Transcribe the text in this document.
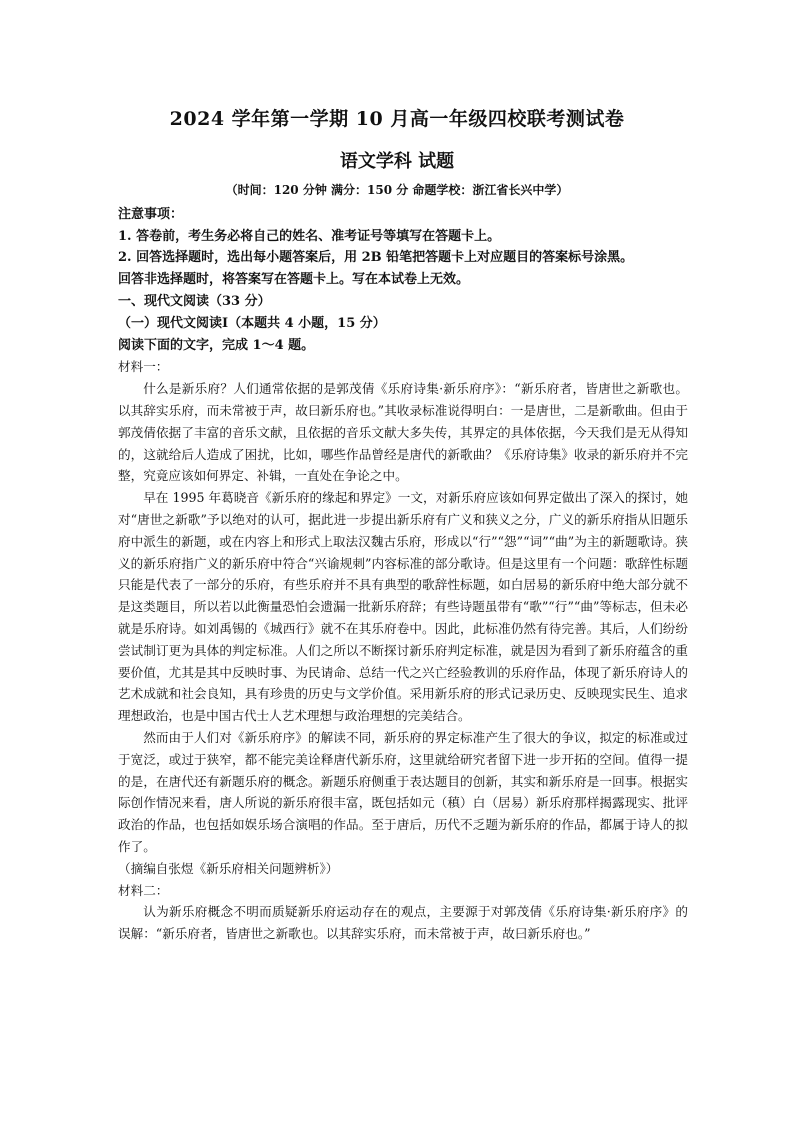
2024 学年第一学期 10 月高一年级四校联考测试卷
语文学科 试题
（时间：120 分钟 满分：150 分 命题学校：浙江省长兴中学）
注意事项：
1. 答卷前，考生务必将自己的姓名、准考证号等填写在答题卡上。
2. 回答选择题时，选出每小题答案后，用 2B 铅笔把答题卡上对应题目的答案标号涂黑。
回答非选择题时，将答案写在答题卡上。写在本试卷上无效。

一、现代文阅读（33 分）

（一）现代文阅读Ⅰ（本题共 4 小题，15 分）

阅读下面的文字，完成 1～4 题。

材料一：

什么是新乐府？人们通常依据的是郭茂倩《乐府诗集·新乐府序》：“新乐府者，皆唐世之新歌也。以其辞实乐府，而未常被于声，故曰新乐府也。”其收录标准说得明白：一是唐世，二是新歌曲。但由于郭茂倩依据了丰富的音乐文献，且依据的音乐文献大多失传，其界定的具体依据，今天我们是无从得知的，这就给后人造成了困扰，比如，哪些作品曾经是唐代的新歌曲？《乐府诗集》收录的新乐府并不完整，究竟应该如何界定、补辑，一直处在争论之中。

早在 1995 年葛晓音《新乐府的缘起和界定》一文，对新乐府应该如何界定做出了深入的探讨，她对“唐世之新歌”予以绝对的认可，据此进一步提出新乐府有广义和狭义之分，广义的新乐府指从旧题乐府中派生的新题，或在内容上和形式上取法汉魏古乐府，形成以“行”“怨”“词”“曲”为主的新题歌诗。狭义的新乐府指广义的新乐府中符合“兴谕规刺”内容标准的部分歌诗。但是这里有一个问题：歌辞性标题只能是代表了一部分的乐府，有些乐府并不具有典型的歌辞性标题，如白居易的新乐府中绝大部分就不是这类题目，所以若以此衡量恐怕会遗漏一批新乐府辞；有些诗题虽带有“歌”“行”“曲”等标志，但未必就是乐府诗。如刘禹锡的《城西行》就不在其乐府卷中。因此，此标准仍然有待完善。其后，人们纷纷尝试制订更为具体的判定标准。人们之所以不断探讨新乐府判定标准，就是因为看到了新乐府蕴含的重要价值，尤其是其中反映时事、为民请命、总结一代之兴亡经验教训的乐府作品，体现了新乐府诗人的艺术成就和社会良知，具有珍贵的历史与文学价值。采用新乐府的形式记录历史、反映现实民生、追求理想政治，也是中国古代士人艺术理想与政治理想的完美结合。

然而由于人们对《新乐府序》的解读不同，新乐府的界定标准产生了很大的争议，拟定的标准或过于宽泛，或过于狭窄，都不能完美诠释唐代新乐府，这里就给研究者留下进一步开拓的空间。值得一提的是，在唐代还有新题乐府的概念。新题乐府侧重于表达题目的创新，其实和新乐府是一回事。根据实际创作情况来看，唐人所说的新乐府很丰富，既包括如元（稹）白（居易）新乐府那样揭露现实、批评政治的作品，也包括如娱乐场合演唱的作品。至于唐后，历代不乏题为新乐府的作品，都属于诗人的拟作了。

（摘编自张煜《新乐府相关问题辨析》）

材料二：

认为新乐府概念不明而质疑新乐府运动存在的观点，主要源于对郭茂倩《乐府诗集·新乐府序》的误解：“新乐府者，皆唐世之新歌也。以其辞实乐府，而未常被于声，故曰新乐府也。”
